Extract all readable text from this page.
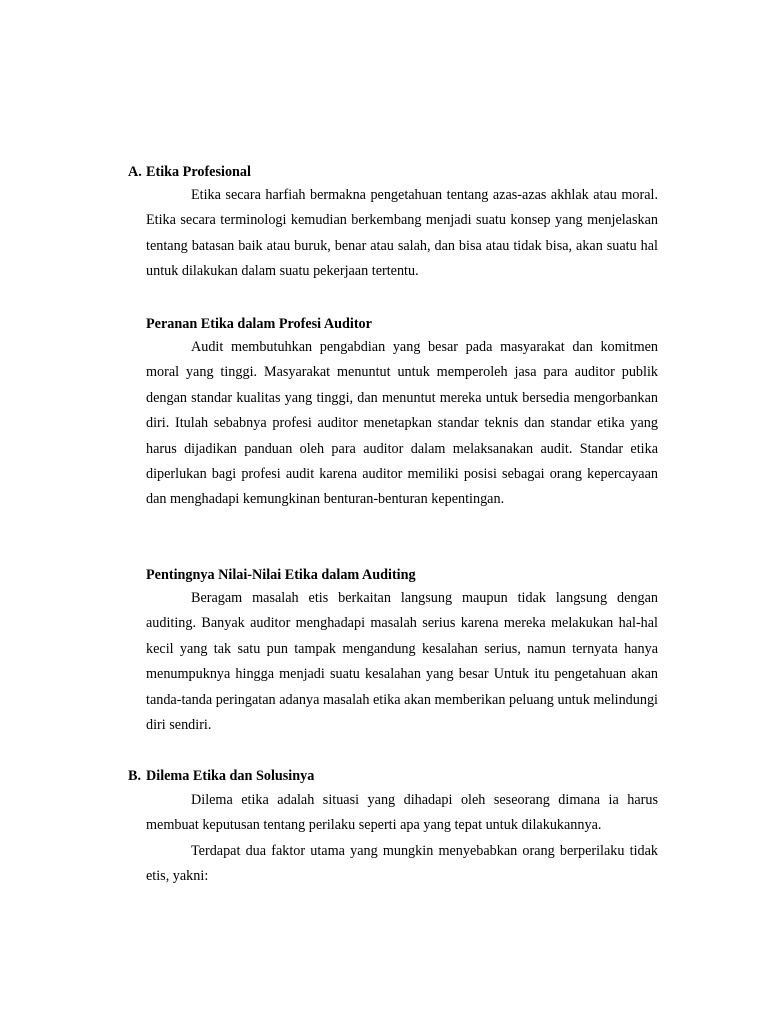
A. Etika Profesional

Etika secara harfiah bermakna pengetahuan tentang azas-azas akhlak atau moral. Etika secara terminologi kemudian berkembang menjadi suatu konsep yang menjelaskan tentang batasan baik atau buruk, benar atau salah, dan bisa atau tidak bisa, akan suatu hal untuk dilakukan dalam suatu pekerjaan tertentu.

Peranan Etika dalam Profesi Auditor

Audit membutuhkan pengabdian yang besar pada masyarakat dan komitmen moral yang tinggi. Masyarakat menuntut untuk memperoleh jasa para auditor publik dengan standar kualitas yang tinggi, dan menuntut mereka untuk bersedia mengorbankan diri. Itulah sebabnya profesi auditor menetapkan standar teknis dan standar etika yang harus dijadikan panduan oleh para auditor dalam melaksanakan audit. Standar etika diperlukan bagi profesi audit karena auditor memiliki posisi sebagai orang kepercayaan dan menghadapi kemungkinan benturan-benturan kepentingan.

Pentingnya Nilai-Nilai Etika dalam Auditing

Beragam masalah etis berkaitan langsung maupun tidak langsung dengan auditing. Banyak auditor menghadapi masalah serius karena mereka melakukan hal-hal kecil yang tak satu pun tampak mengandung kesalahan serius, namun ternyata hanya menumpuknya hingga menjadi suatu kesalahan yang besar Untuk itu pengetahuan akan tanda-tanda peringatan adanya masalah etika akan memberikan peluang untuk melindungi diri sendiri.

B. Dilema Etika dan Solusinya

Dilema etika adalah situasi yang dihadapi oleh seseorang dimana ia harus membuat keputusan tentang perilaku seperti apa yang tepat untuk dilakukannya.

Terdapat dua faktor utama yang mungkin menyebabkan orang berperilaku tidak etis, yakni:
